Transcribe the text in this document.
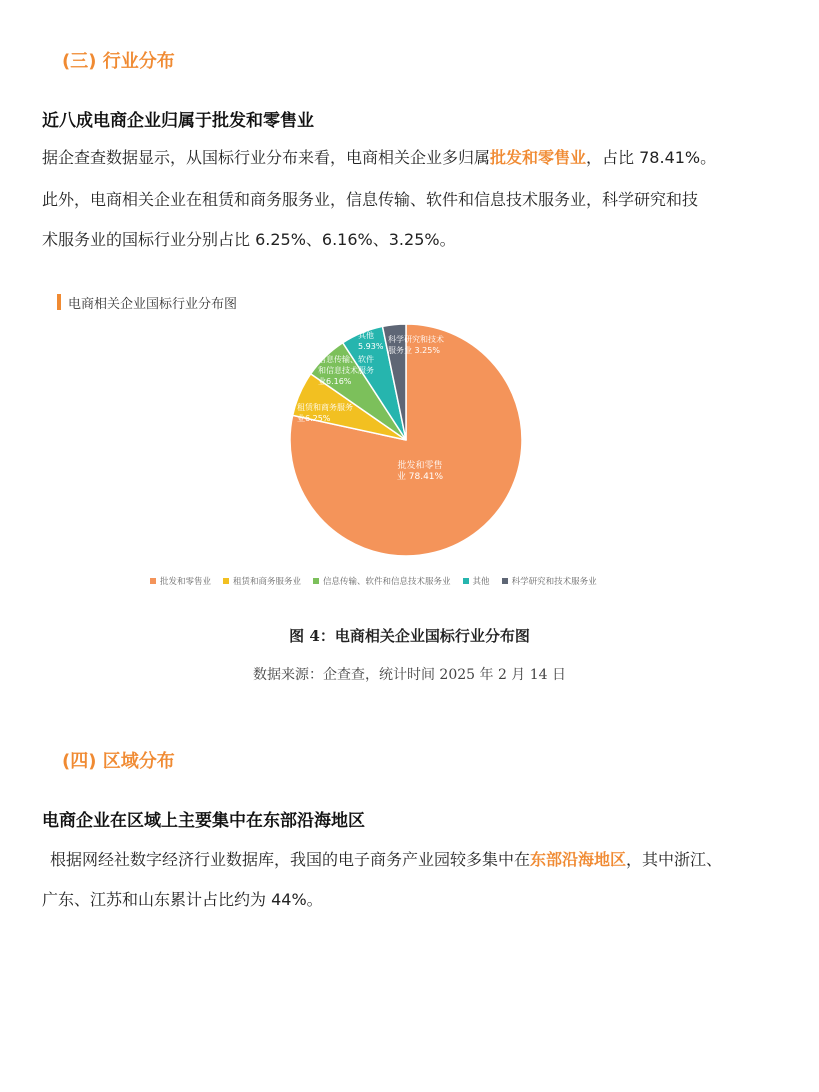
(三) 行业分布
近八成电商企业归属于批发和零售业
据企查查数据显示，从国标行业分布来看，电商相关企业多归属批发和零售业，占比 78.41%。
此外，电商相关企业在租赁和商务服务业，信息传输、软件和信息技术服务业，科学研究和技
术服务业的国标行业分别占比 6.25%、6.16%、3.25%。
电商相关企业国标行业分布图
批发和零售业 78.41%
租赁和商务服务业6.25%
信息传输、软件和信息技术服务业6.16%
其他 5.93%
科学研究和技术服务业 3.25%
批发和零售业	租赁和商务服务业	信息传输、软件和信息技术服务业	其他	科学研究和技术服务业
图 4：电商相关企业国标行业分布图
数据来源：企查查，统计时间 2025 年 2 月 14 日
(四) 区域分布
电商企业在区域上主要集中在东部沿海地区
根据网经社数字经济行业数据库，我国的电子商务产业园较多集中在东部沿海地区，其中浙江、
广东、江苏和山东累计占比约为 44%。
